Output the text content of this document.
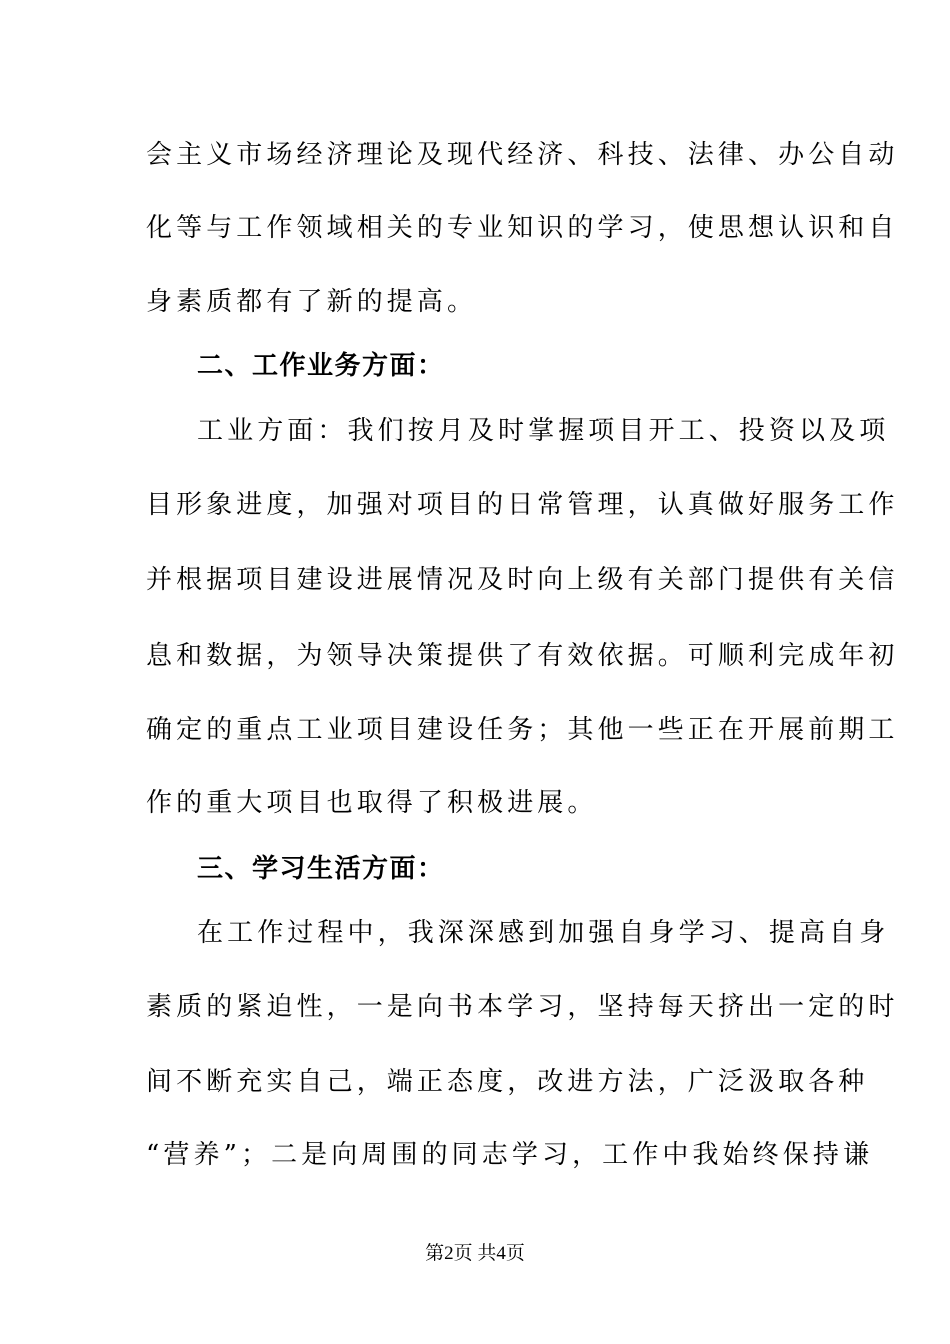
会主义市场经济理论及现代经济、科技、法律、办公自动
化等与工作领域相关的专业知识的学习，使思想认识和自
身素质都有了新的提高。
二、工作业务方面：
工业方面：我们按月及时掌握项目开工、投资以及项
目形象进度，加强对项目的日常管理，认真做好服务工作
并根据项目建设进展情况及时向上级有关部门提供有关信
息和数据，为领导决策提供了有效依据。可顺利完成年初
确定的重点工业项目建设任务；其他一些正在开展前期工
作的重大项目也取得了积极进展。
三、学习生活方面：
在工作过程中，我深深感到加强自身学习、提高自身
素质的紧迫性，一是向书本学习，坚持每天挤出一定的时
间不断充实自己，端正态度，改进方法，广泛汲取各种
“营养”；二是向周围的同志学习，工作中我始终保持谦
第2页 共4页
